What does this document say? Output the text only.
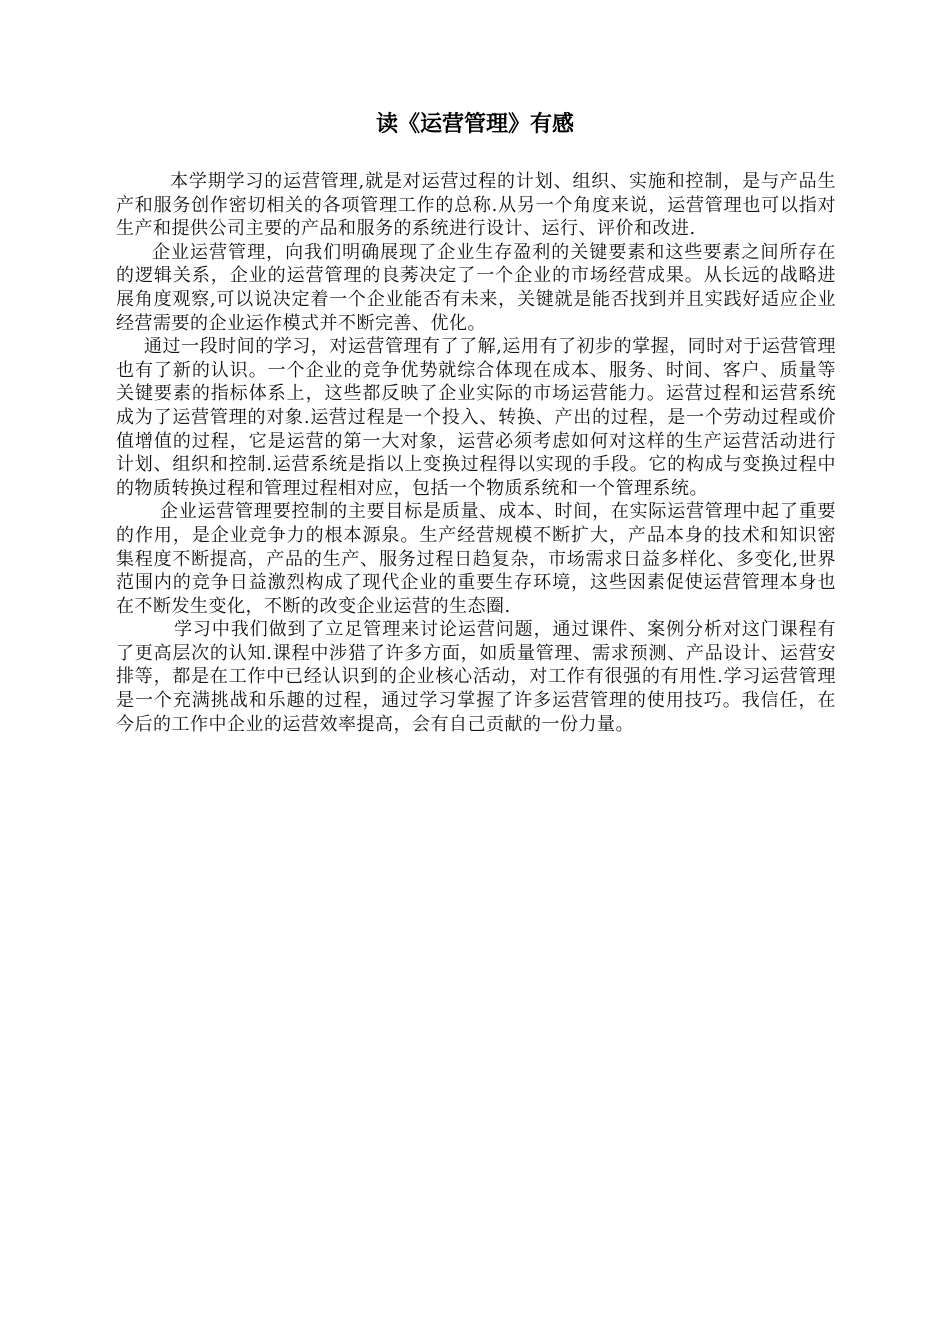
读《运营管理》有感

本学期学习的运营管理,就是对运营过程的计划、组织、实施和控制，是与产品生产和服务创作密切相关的各项管理工作的总称.从另一个角度来说，运营管理也可以指对生产和提供公司主要的产品和服务的系统进行设计、运行、评价和改进.

企业运营管理，向我们明确展现了企业生存盈利的关键要素和这些要素之间所存在的逻辑关系，企业的运营管理的良莠决定了一个企业的市场经营成果。从长远的战略进展角度观察,可以说决定着一个企业能否有未来，关键就是能否找到并且实践好适应企业经营需要的企业运作模式并不断完善、优化。

通过一段时间的学习，对运营管理有了了解,运用有了初步的掌握，同时对于运营管理也有了新的认识。一个企业的竞争优势就综合体现在成本、服务、时间、客户、质量等关键要素的指标体系上，这些都反映了企业实际的市场运营能力。运营过程和运营系统成为了运营管理的对象.运营过程是一个投入、转换、产出的过程，是一个劳动过程或价值增值的过程，它是运营的第一大对象，运营必须考虑如何对这样的生产运营活动进行计划、组织和控制.运营系统是指以上变换过程得以实现的手段。它的构成与变换过程中的物质转换过程和管理过程相对应，包括一个物质系统和一个管理系统。

企业运营管理要控制的主要目标是质量、成本、时间，在实际运营管理中起了重要的作用，是企业竞争力的根本源泉。生产经营规模不断扩大，产品本身的技术和知识密集程度不断提高，产品的生产、服务过程日趋复杂，市场需求日益多样化、多变化,世界范围内的竞争日益激烈构成了现代企业的重要生存环境，这些因素促使运营管理本身也在不断发生变化，不断的改变企业运营的生态圈.

学习中我们做到了立足管理来讨论运营问题，通过课件、案例分析对这门课程有了更高层次的认知.课程中涉猎了许多方面，如质量管理、需求预测、产品设计、运营安排等，都是在工作中已经认识到的企业核心活动，对工作有很强的有用性.学习运营管理是一个充满挑战和乐趣的过程，通过学习掌握了许多运营管理的使用技巧。我信任，在今后的工作中企业的运营效率提高，会有自己贡献的一份力量。
